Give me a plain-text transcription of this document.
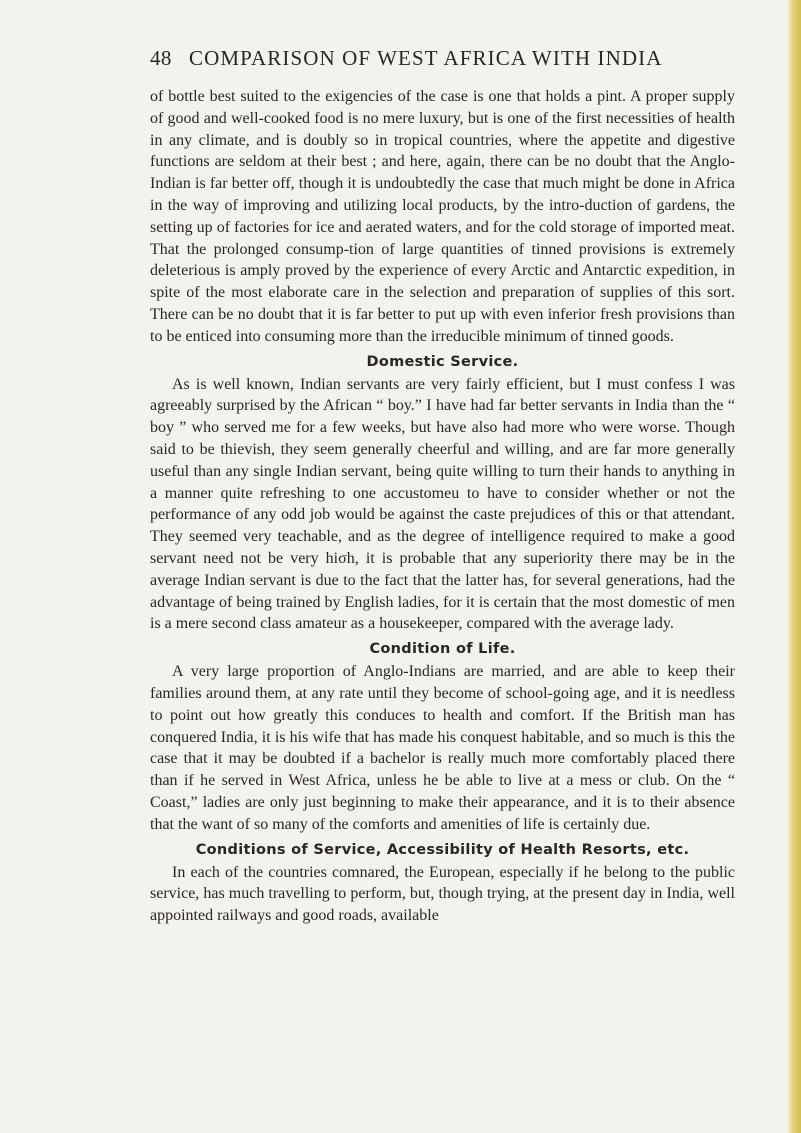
48 COMPARISON OF WEST AFRICA WITH INDIA

of bottle best suited to the exigencies of the case is one that holds a pint. A proper supply of good and well-cooked food is no mere luxury, but is one of the first necessities of health in any climate, and is doubly so in tropical countries, where the appetite and digestive functions are seldom at their best ; and here, again, there can be no doubt that the Anglo-Indian is far better off, though it is undoubtedly the case that much might be done in Africa in the way of improving and utilizing local products, by the intro-duction of gardens, the setting up of factories for ice and aerated waters, and for the cold storage of imported meat. That the prolonged consump-tion of large quantities of tinned provisions is extremely deleterious is amply proved by the experience of every Arctic and Antarctic expedition, in spite of the most elaborate care in the selection and preparation of supplies of this sort. There can be no doubt that it is far better to put up with even inferior fresh provisions than to be enticed into consuming more than the irreducible minimum of tinned goods.

Domestic Service.

As is well known, Indian servants are very fairly efficient, but I must confess I was agreeably surprised by the African “ boy.” I have had far better servants in India than the “ boy ” who served me for a few weeks, but have also had more who were worse. Though said to be thievish, they seem generally cheerful and willing, and are far more generally useful than any single Indian servant, being quite willing to turn their hands to anything in a manner quite refreshing to one accustomeu to have to consider whether or not the performance of any odd job would be against the caste prejudices of this or that attendant. They seemed very teachable, and as the degree of intelligence required to make a good servant need not be very hiσh, it is probable that any superiority there may be in the average Indian servant is due to the fact that the latter has, for several generations, had the advantage of being trained by English ladies, for it is certain that the most domestic of men is a mere second class amateur as a housekeeper, compared with the average lady.

Condition of Life.

A very large proportion of Anglo-Indians are married, and are able to keep their families around them, at any rate until they become of school-going age, and it is needless to point out how greatly this conduces to health and comfort. If the British man has conquered India, it is his wife that has made his conquest habitable, and so much is this the case that it may be doubted if a bachelor is really much more comfortably placed there than if he served in West Africa, unless he be able to live at a mess or club. On the “ Coast,” ladies are only just beginning to make their appearance, and it is to their absence that the want of so many of the comforts and amenities of life is certainly due.

Conditions of Service, Accessibility of Health Resorts, etc.

In each of the countries comnared, the European, especially if he belong to the public service, has much travelling to perform, but, though trying, at the present day in India, well appointed railways and good roads, available
